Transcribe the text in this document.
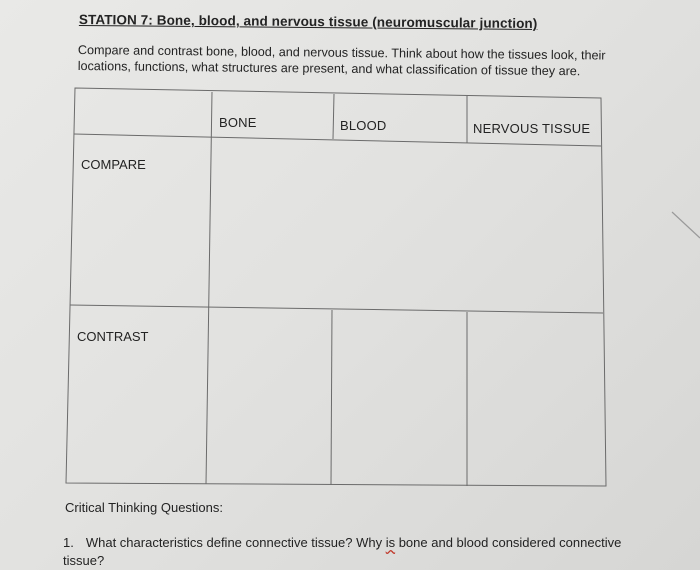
STATION 7: Bone, blood, and nervous tissue (neuromuscular junction)
Compare and contrast bone, blood, and nervous tissue. Think about how the tissues look, their locations, functions, what structures are present, and what classification of tissue they are.
BONE	BLOOD	NERVOUS TISSUE
COMPARE
CONTRAST
Critical Thinking Questions:
1. What characteristics define connective tissue? Why is bone and blood considered connective tissue?
